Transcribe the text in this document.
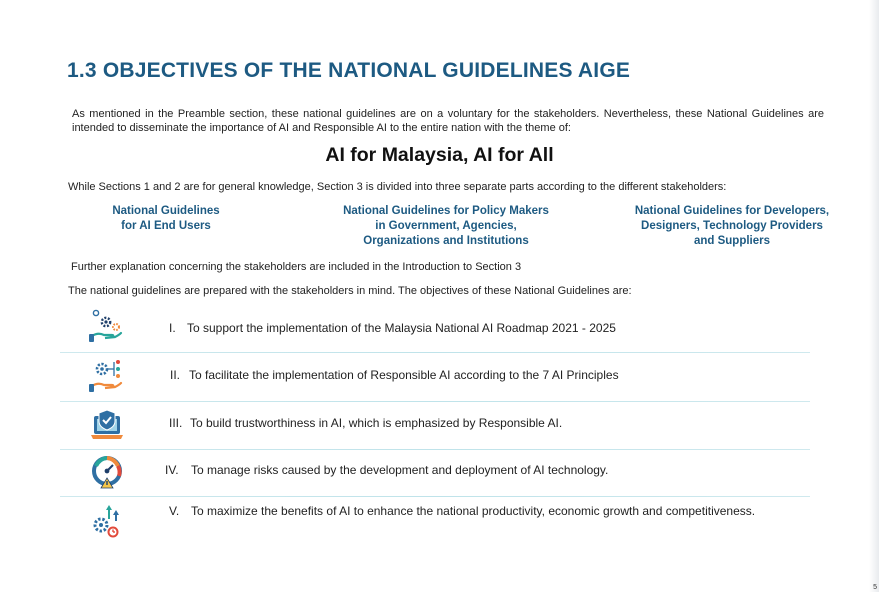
1.3 OBJECTIVES OF THE NATIONAL GUIDELINES AIGE

As mentioned in the Preamble section, these national guidelines are on a voluntary for the stakeholders. Nevertheless, these National Guidelines are intended to disseminate the importance of AI and Responsible AI to the entire nation with the theme of:

AI for Malaysia, AI for All

While Sections 1 and 2 are for general knowledge, Section 3 is divided into three separate parts according to the different stakeholders:

National Guidelines
for AI End Users

National Guidelines for Policy Makers
in Government, Agencies,
Organizations and Institutions

National Guidelines for Developers,
Designers, Technology Providers
and Suppliers

Further explanation concerning the stakeholders are included in the Introduction to Section 3

The national guidelines are prepared with the stakeholders in mind. The objectives of these National Guidelines are:

I. To support the implementation of the Malaysia National AI Roadmap 2021 - 2025
II. To facilitate the implementation of Responsible AI according to the 7 AI Principles
III. To build trustworthiness in AI, which is emphasized by Responsible AI.
IV. To manage risks caused by the development and deployment of AI technology.
V. To maximize the benefits of AI to enhance the national productivity, economic growth and competitiveness.
5
